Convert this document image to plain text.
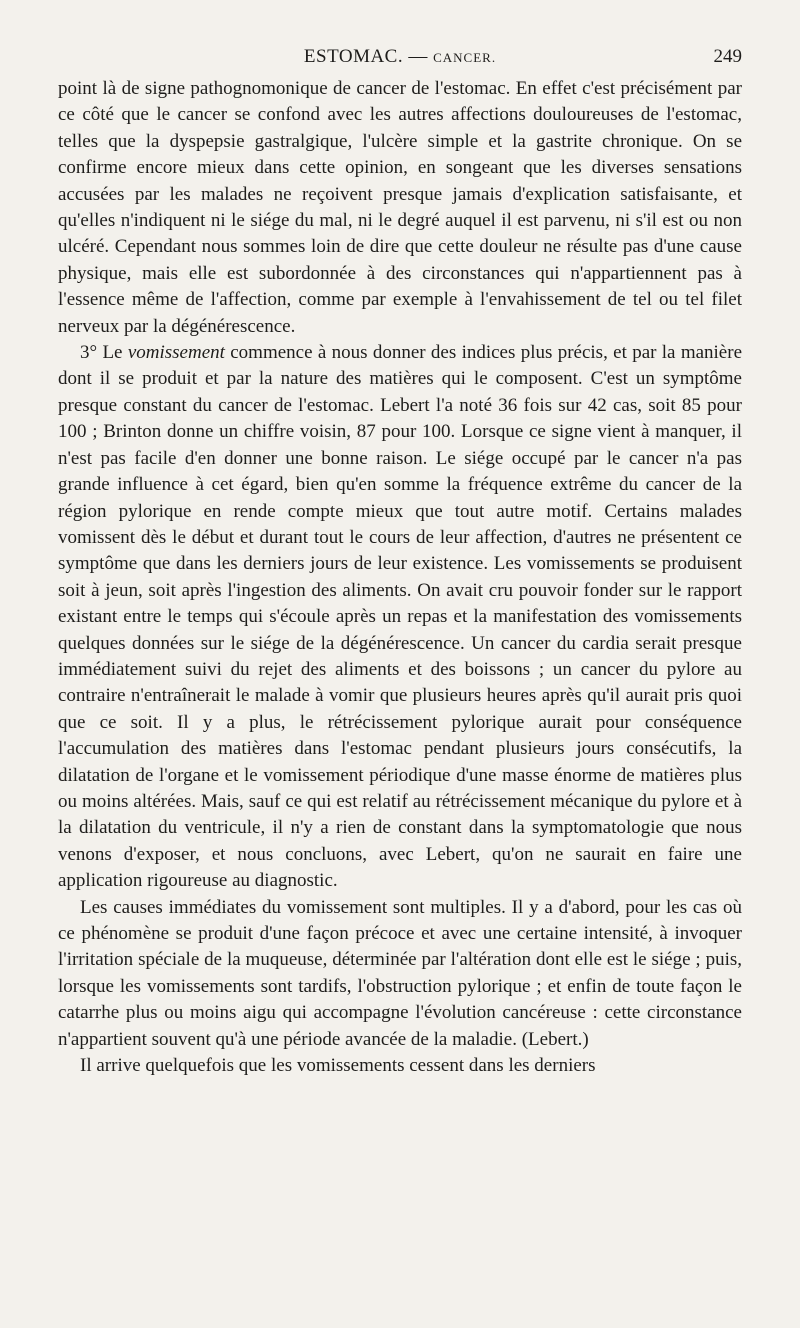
ESTOMAC. — CANCER.	249

point là de signe pathognomonique de cancer de l'estomac. En effet c'est précisément par ce côté que le cancer se confond avec les autres affections douloureuses de l'estomac, telles que la dyspepsie gastralgique, l'ulcère simple et la gastrite chronique. On se confirme encore mieux dans cette opinion, en songeant que les diverses sensations accusées par les malades ne reçoivent presque jamais d'explication satisfaisante, et qu'elles n'indiquent ni le siége du mal, ni le degré auquel il est parvenu, ni s'il est ou non ulcéré. Cependant nous sommes loin de dire que cette douleur ne résulte pas d'une cause physique, mais elle est subordonnée à des circonstances qui n'appartiennent pas à l'essence même de l'affection, comme par exemple à l'envahissement de tel ou tel filet nerveux par la dégénérescence.

3° Le vomissement commence à nous donner des indices plus précis, et par la manière dont il se produit et par la nature des matières qui le composent. C'est un symptôme presque constant du cancer de l'estomac. Lebert l'a noté 36 fois sur 42 cas, soit 85 pour 100 ; Brinton donne un chiffre voisin, 87 pour 100. Lorsque ce signe vient à manquer, il n'est pas facile d'en donner une bonne raison. Le siége occupé par le cancer n'a pas grande influence à cet égard, bien qu'en somme la fréquence extrême du cancer de la région pylorique en rende compte mieux que tout autre motif. Certains malades vomissent dès le début et durant tout le cours de leur affection, d'autres ne présentent ce symptôme que dans les derniers jours de leur existence. Les vomissements se produisent soit à jeun, soit après l'ingestion des aliments. On avait cru pouvoir fonder sur le rapport existant entre le temps qui s'écoule après un repas et la manifestation des vomissements quelques données sur le siége de la dégénérescence. Un cancer du cardia serait presque immédiatement suivi du rejet des aliments et des boissons ; un cancer du pylore au contraire n'entraînerait le malade à vomir que plusieurs heures après qu'il aurait pris quoi que ce soit. Il y a plus, le rétrécissement pylorique aurait pour conséquence l'accumulation des matières dans l'estomac pendant plusieurs jours consécutifs, la dilatation de l'organe et le vomissement périodique d'une masse énorme de matières plus ou moins altérées. Mais, sauf ce qui est relatif au rétrécissement mécanique du pylore et à la dilatation du ventricule, il n'y a rien de constant dans la symptomatologie que nous venons d'exposer, et nous concluons, avec Lebert, qu'on ne saurait en faire une application rigoureuse au diagnostic.

Les causes immédiates du vomissement sont multiples. Il y a d'abord, pour les cas où ce phénomène se produit d'une façon précoce et avec une certaine intensité, à invoquer l'irritation spéciale de la muqueuse, déterminée par l'altération dont elle est le siége ; puis, lorsque les vomissements sont tardifs, l'obstruction pylorique ; et enfin de toute façon le catarrhe plus ou moins aigu qui accompagne l'évolution cancéreuse : cette circonstance n'appartient souvent qu'à une période avancée de la maladie. (Lebert.)

Il arrive quelquefois que les vomissements cessent dans les derniers
